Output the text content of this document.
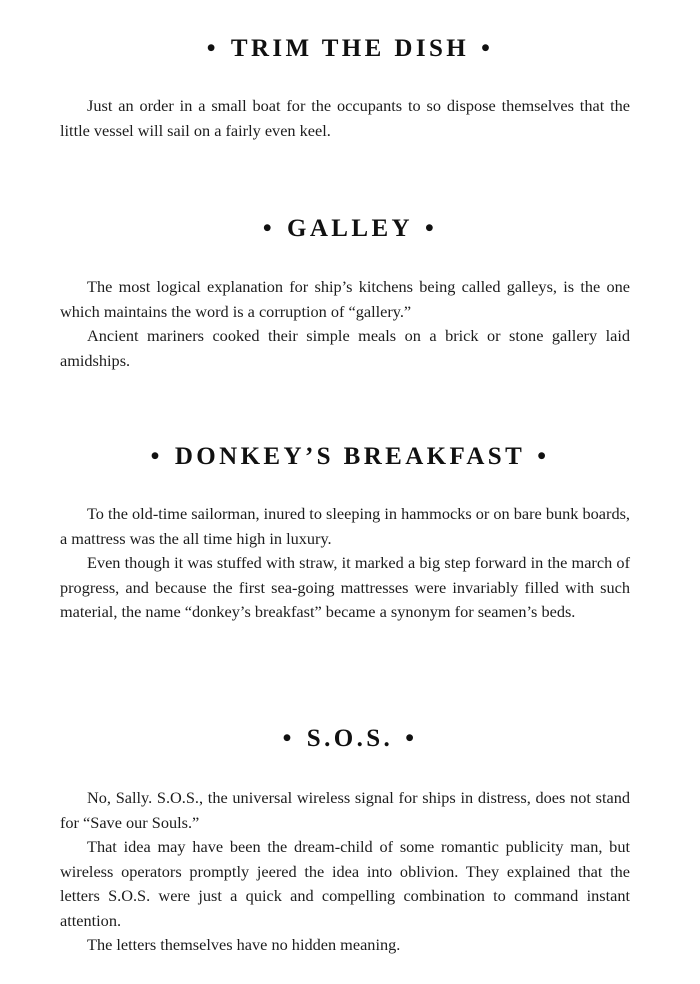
• TRIM THE DISH •

Just an order in a small boat for the occupants to so dispose themselves that the little vessel will sail on a fairly even keel.

• GALLEY •

The most logical explanation for ship’s kitchens being called galleys, is the one which maintains the word is a corruption of “gallery.”

Ancient mariners cooked their simple meals on a brick or stone gallery laid amidships.

• DONKEY’S BREAKFAST •

To the old-time sailorman, inured to sleeping in hammocks or on bare bunk boards, a mattress was the all time high in luxury.

Even though it was stuffed with straw, it marked a big step forward in the march of progress, and because the first sea-going mattresses were invariably filled with such material, the name “donkey’s breakfast” became a synonym for seamen’s beds.

• S.O.S. •

No, Sally. S.O.S., the universal wireless signal for ships in distress, does not stand for “Save our Souls.”

That idea may have been the dream-child of some romantic publicity man, but wireless operators promptly jeered the idea into oblivion. They explained that the letters S.O.S. were just a quick and compelling combination to command instant attention.

The letters themselves have no hidden meaning.
